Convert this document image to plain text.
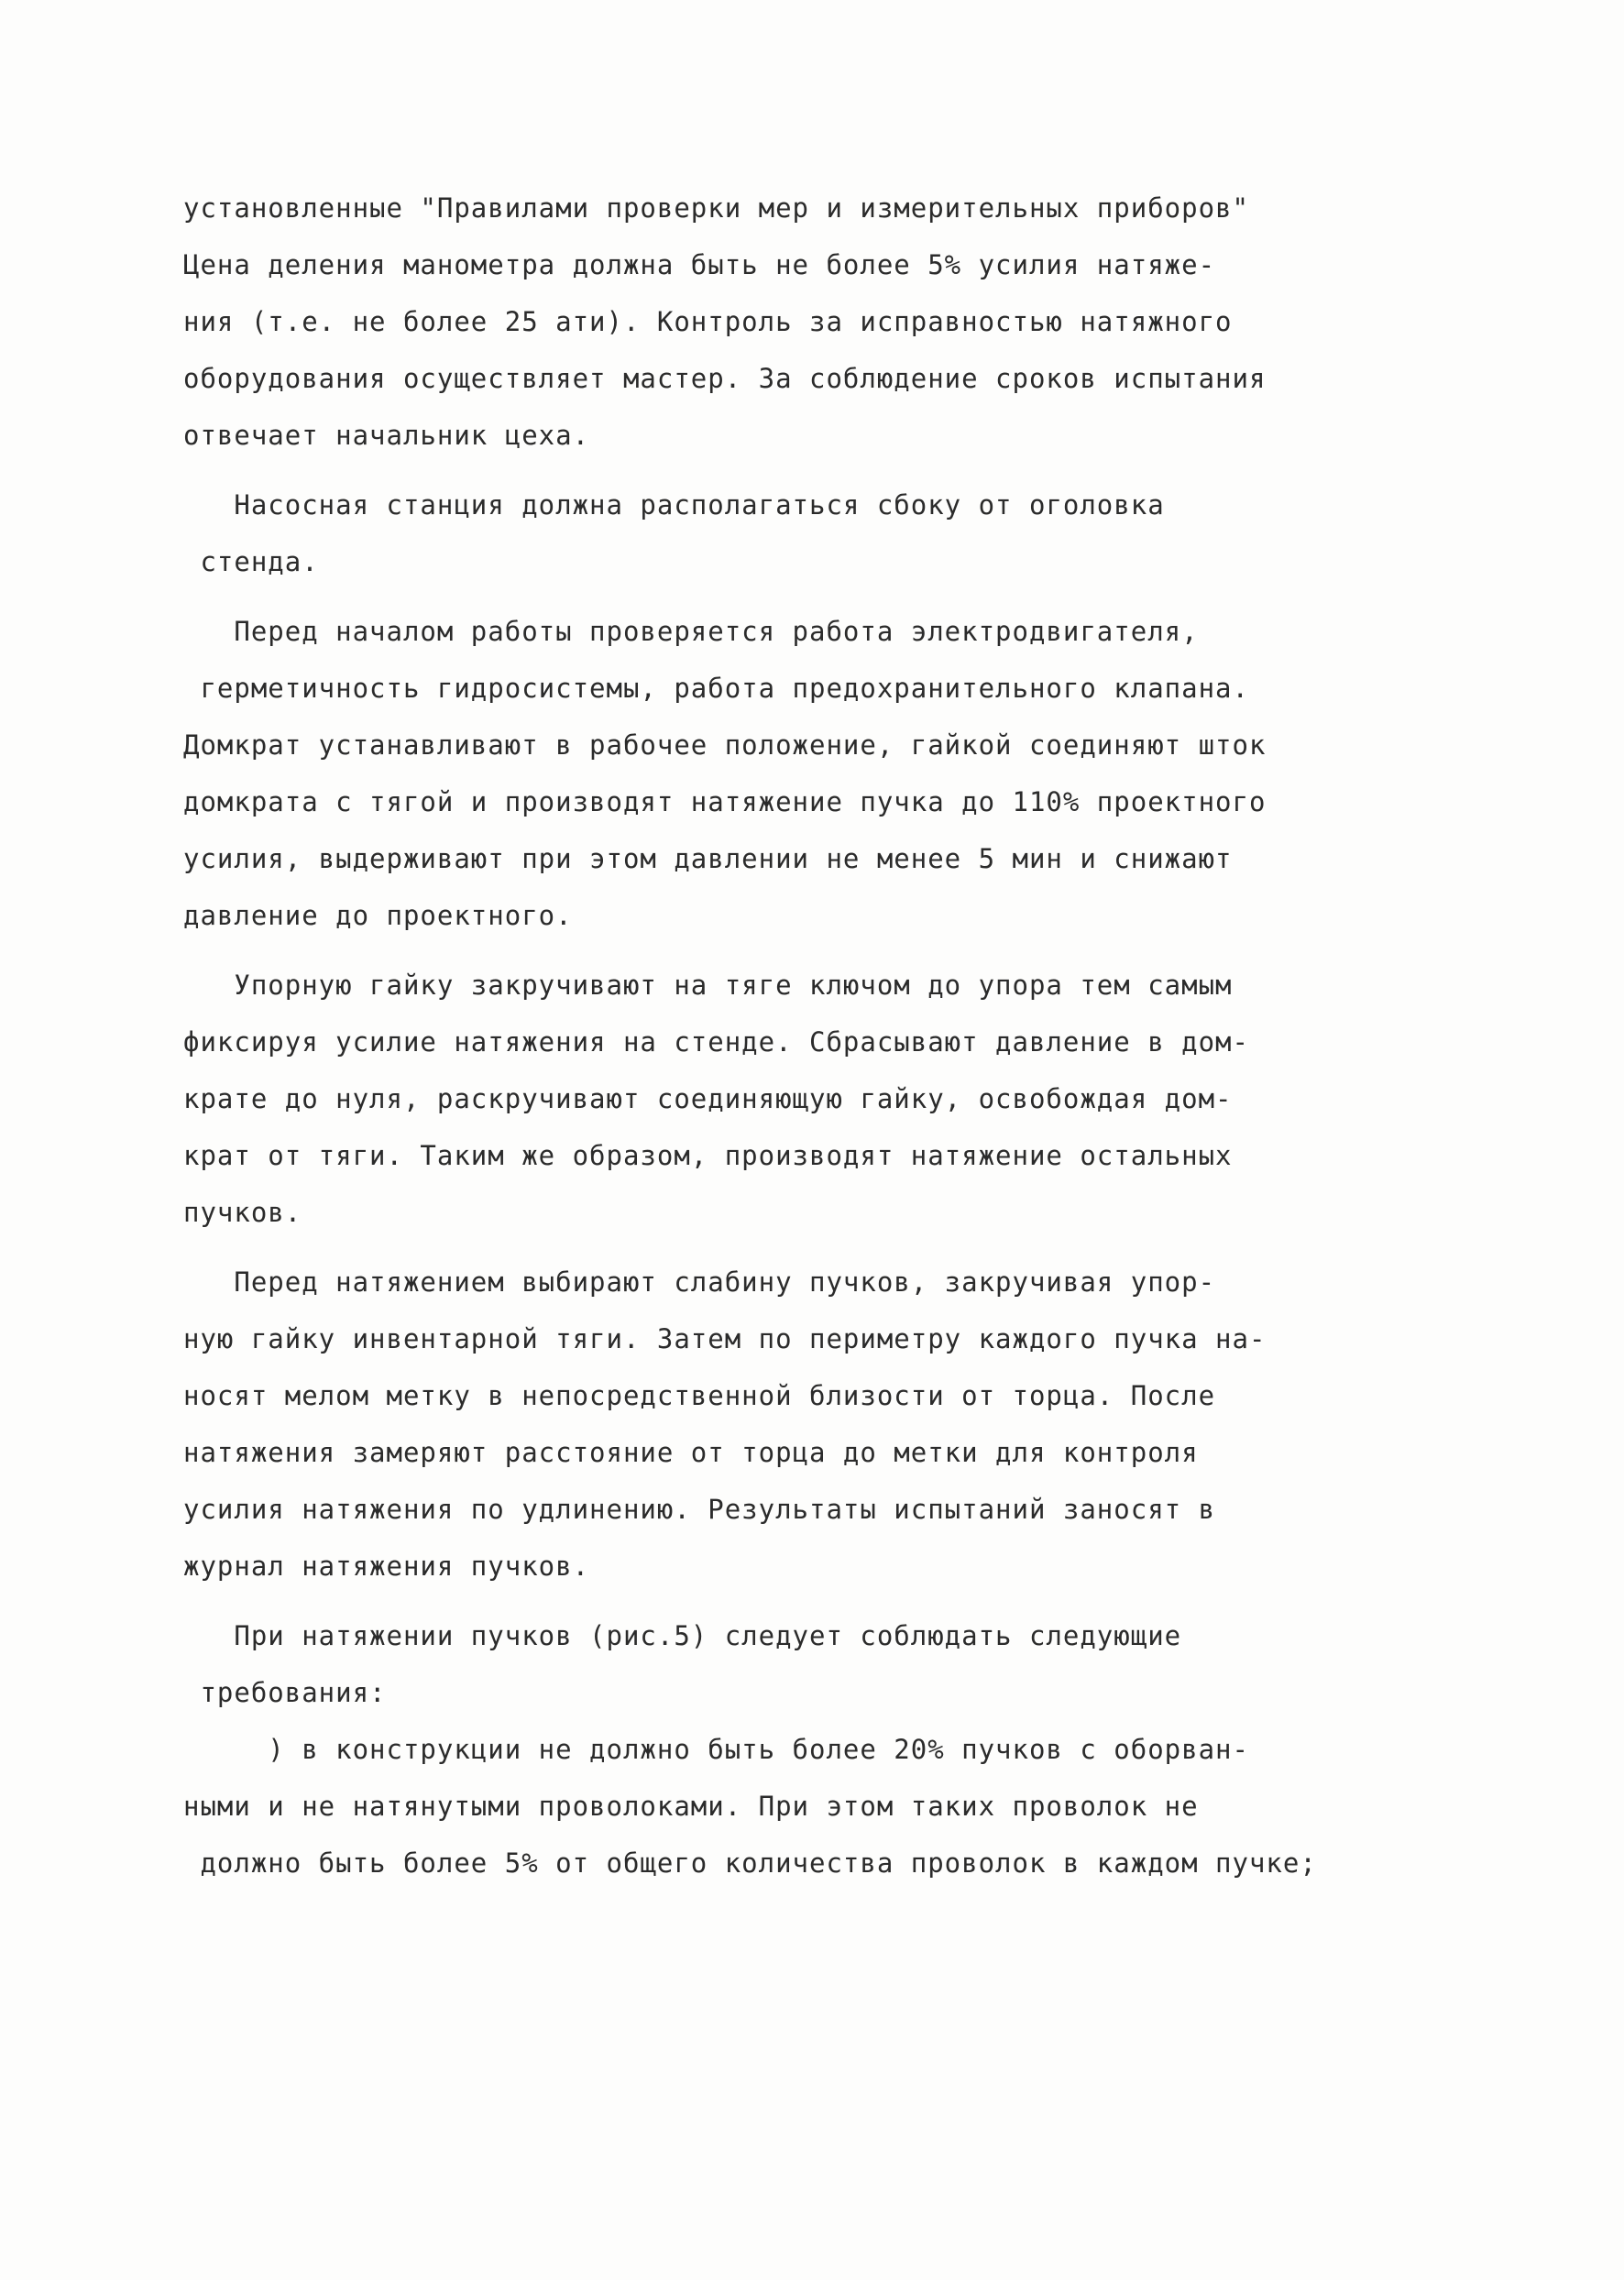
установленные "Правилами проверки мер и измерительных приборов"
Цена деления манометра должна быть не более 5% усилия натяже-
ния (т.е. не более 25 ати). Контроль за исправностью натяжного
оборудования осуществляет мастер. За соблюдение сроков испытания
отвечает начальник цеха.
Насосная станция должна располагаться сбоку от оголовка
стенда.
Перед началом работы проверяется работа электродвигателя,
герметичность гидросистемы, работа предохранительного клапана.
Домкрат устанавливают в рабочее положение, гайкой соединяют шток
домкрата с тягой и производят натяжение пучка до 110% проектного
усилия, выдерживают при этом давлении не менее 5 мин и снижают
давление до проектного.
Упорную гайку закручивают на тяге ключом до упора тем самым
фиксируя усилие натяжения на стенде. Сбрасывают давление в дом-
крате до нуля, раскручивают соединяющую гайку, освобождая дом-
крат от тяги. Таким же образом, производят натяжение остальных
пучков.
Перед натяжением выбирают слабину пучков, закручивая упор-
ную гайку инвентарной тяги. Затем по периметру каждого пучка на-
носят мелом метку в непосредственной близости от торца. После
натяжения замеряют расстояние от торца до метки для контроля
усилия натяжения по удлинению. Результаты испытаний заносят в
журнал натяжения пучков.
При натяжении пучков (рис.5) следует соблюдать следующие
требования:
) в конструкции не должно быть более 20% пучков с оборван-
ными и не натянутыми проволоками. При этом таких проволок не
должно быть более 5% от общего количества проволок в каждом пучке;
